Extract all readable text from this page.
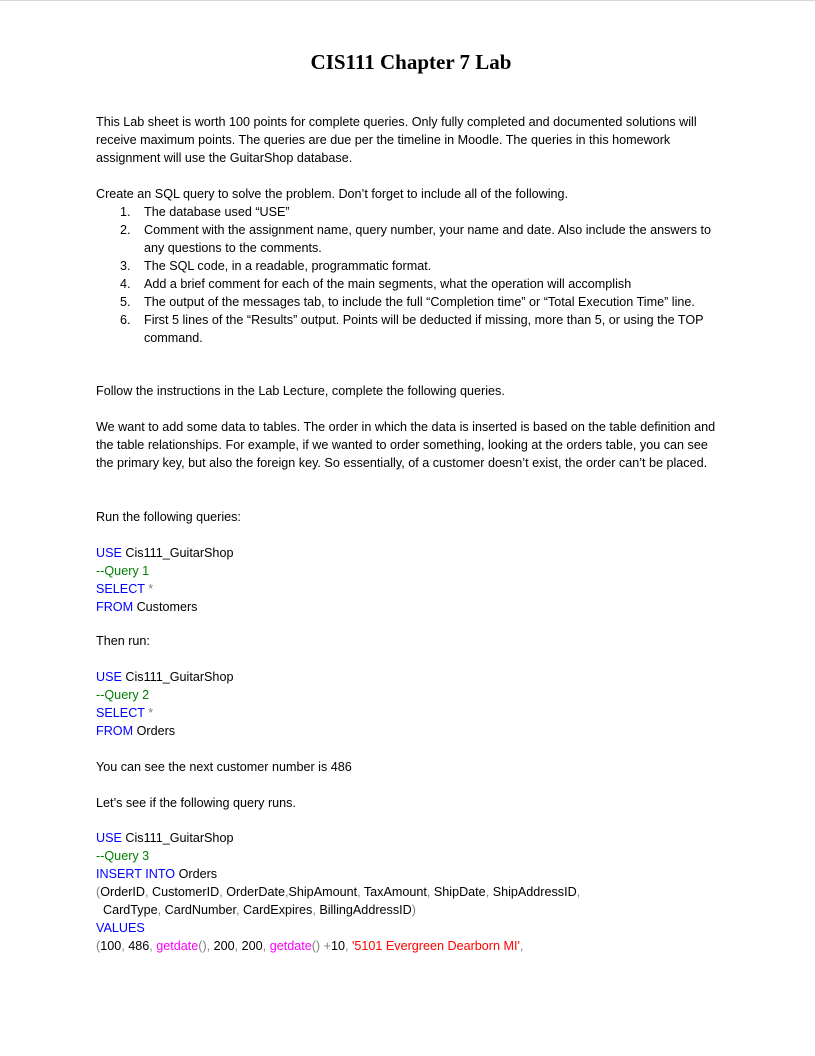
CIS111 Chapter 7 Lab

This Lab sheet is worth 100 points for complete queries. Only fully completed and documented solutions will receive maximum points. The queries are due per the timeline in Moodle. The queries in this homework assignment will use the GuitarShop database.

Create an SQL query to solve the problem. Don’t forget to include all of the following.

1. The database used “USE”
2. Comment with the assignment name, query number, your name and date. Also include the answers to any questions to the comments.
3. The SQL code, in a readable, programmatic format.
4. Add a brief comment for each of the main segments, what the operation will accomplish
5. The output of the messages tab, to include the full “Completion time” or “Total Execution Time” line.
6. First 5 lines of the “Results” output. Points will be deducted if missing, more than 5, or using the TOP command.

Follow the instructions in the Lab Lecture, complete the following queries.

We want to add some data to tables. The order in which the data is inserted is based on the table definition and the table relationships. For example, if we wanted to order something, looking at the orders table, you can see the primary key, but also the foreign key. So essentially, of a customer doesn’t exist, the order can’t be placed.

Run the following queries:

USE Cis111_GuitarShop
--Query 1
SELECT *
FROM Customers

Then run:

USE Cis111_GuitarShop
--Query 2
SELECT *
FROM Orders

You can see the next customer number is 486

Let’s see if the following query runs.

USE Cis111_GuitarShop
--Query 3
INSERT INTO Orders
(OrderID, CustomerID, OrderDate,ShipAmount, TaxAmount, ShipDate, ShipAddressID,
CardType, CardNumber, CardExpires, BillingAddressID)
VALUES
(100, 486, getdate(), 200, 200, getdate() +10, '5101 Evergreen Dearborn MI',
